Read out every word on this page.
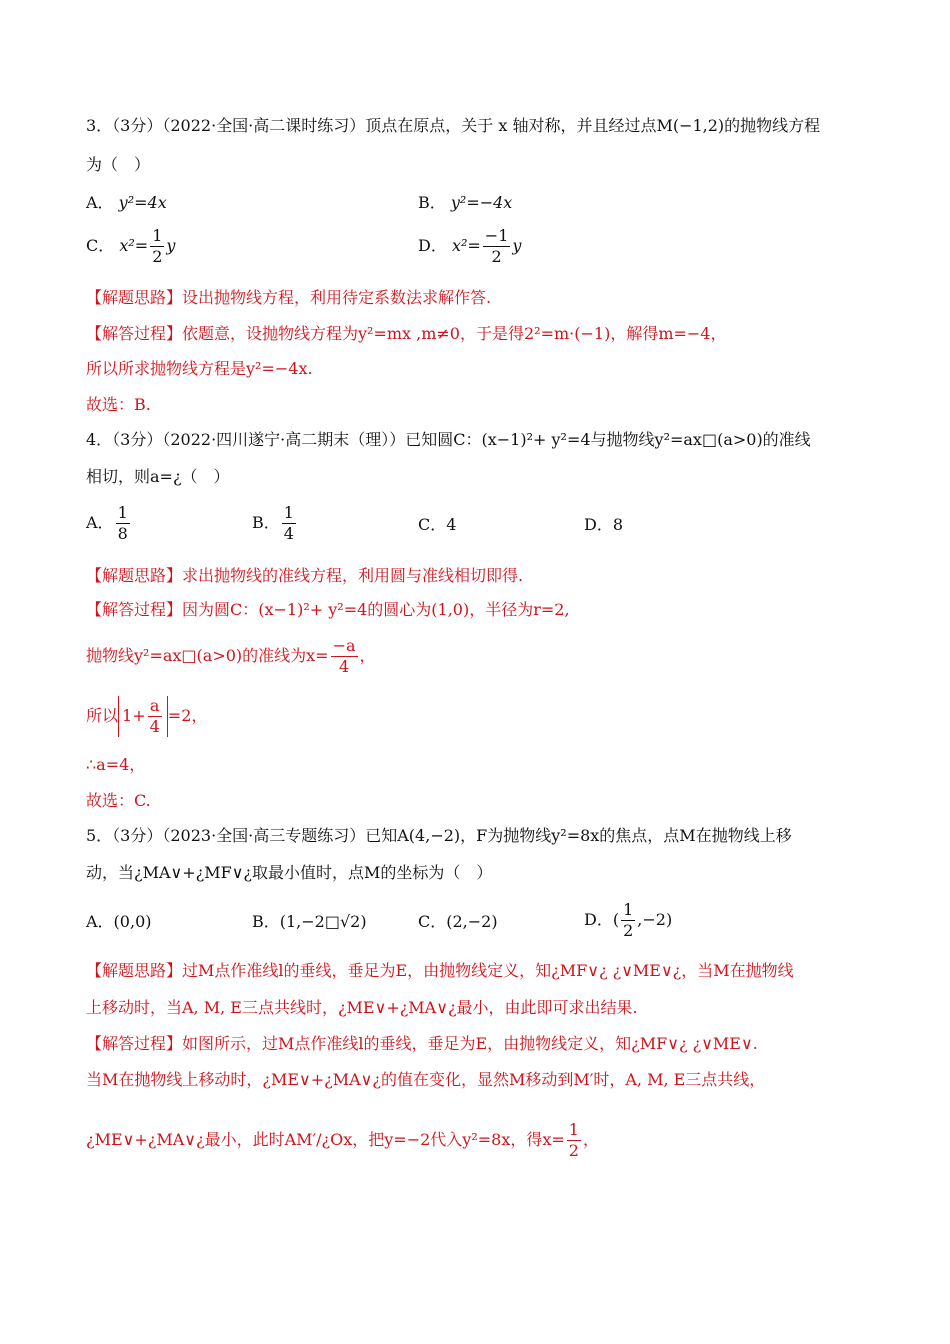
3．（3分）（2022·全国·高二课时练习）顶点在原点，关于 x 轴对称，并且经过点M(−1,2)的抛物线方程
为（　）
A． y²=4x	B． y²=−4x
C． $x^2= \frac{1}{2}$ y	D． $x^2= \frac{-1}{2}$ y
【解题思路】设出抛物线方程，利用待定系数法求解作答.
【解答过程】依题意，设抛物线方程为y²=mx ,m≠0，于是得2²=m·(−1)，解得m=−4，
所以所求抛物线方程是y²=−4x.
故选：B.
4．（3分）（2022·四川遂宁·高二期末（理））已知圆C：(x−1)²+ y²=4与抛物线y²=ax□(a>0)的准线
相切，则a=¿（　）
A． $\frac{1}{8}$	B． $\frac{1}{4}$	C．4	D．8
【解题思路】求出抛物线的准线方程，利用圆与准线相切即得.
【解答过程】因为圆C：(x−1)²+ y²=4的圆心为(1,0)，半径为r=2,
抛物线y²=ax□(a>0)的准线为$x= \frac{-a}{4}$ ，
所以 $1+ \frac{a}{4} =2$，
∴a=4，
故选：C.
5．（3分）（2023·全国·高三专题练习）已知A(4,−2)，F为抛物线y²=8x的焦点，点M在抛物线上移
动，当¿MA∨+¿MF∨¿取最小值时，点M的坐标为（　）
A．(0,0)	B．(1,−2□√2)	C．(2,−2)	D．( $\frac{1}{2} ,-2$)
【解题思路】过M点作准线l的垂线，垂足为E，由抛物线定义，知¿MF∨¿ ¿∨ME∨¿，当M在抛物线
上移动时，当A, M, E三点共线时，¿ME∨+¿MA∨¿最小，由此即可求出结果.
【解答过程】如图所示，过M点作准线l的垂线，垂足为E，由抛物线定义，知¿MF∨¿ ¿∨ME∨.
当M在抛物线上移动时，¿ME∨+¿MA∨¿的值在变化，显然M移动到M′时，A, M, E三点共线，
¿ME∨+¿MA∨¿最小，此时AM′/¿Ox，把y=−2代入y²=8x，得$x= \frac{1}{2}$ ，
